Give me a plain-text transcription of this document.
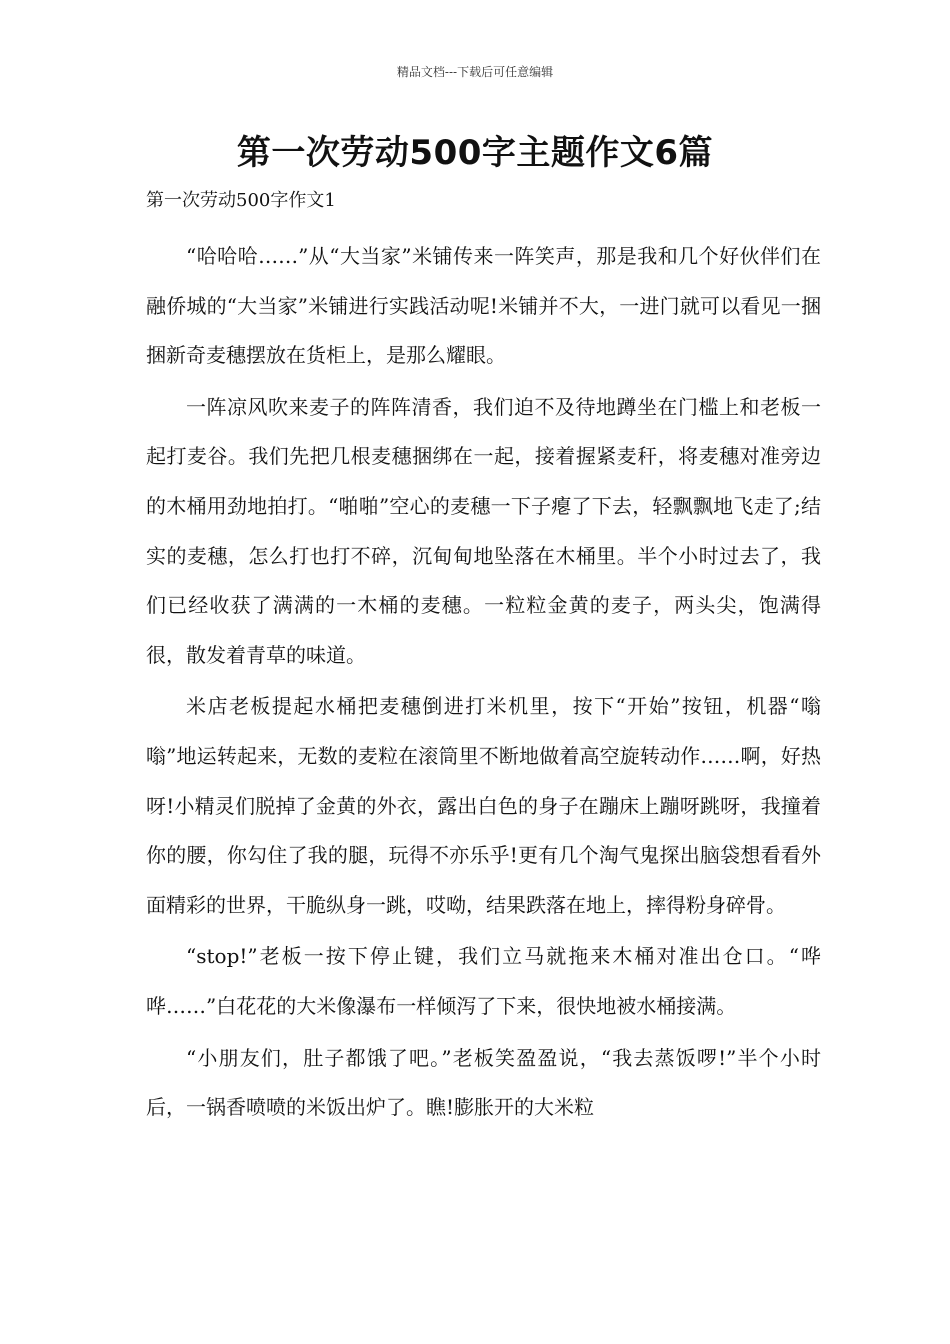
精品文档---下载后可任意编辑
第一次劳动500字主题作文6篇
第一次劳动500字作文1

“哈哈哈……”从“大当家”米铺传来一阵笑声，那是我和几个好伙伴们在融侨城的“大当家”米铺进行实践活动呢!米铺并不大，一进门就可以看见一捆捆新奇麦穗摆放在货柜上，是那么耀眼。

一阵凉风吹来麦子的阵阵清香，我们迫不及待地蹲坐在门槛上和老板一起打麦谷。我们先把几根麦穗捆绑在一起，接着握紧麦秆，将麦穗对准旁边的木桶用劲地拍打。“啪啪”空心的麦穗一下子瘪了下去，轻飘飘地飞走了;结实的麦穗，怎么打也打不碎，沉甸甸地坠落在木桶里。半个小时过去了，我们已经收获了满满的一木桶的麦穗。一粒粒金黄的麦子，两头尖，饱满得很，散发着青草的味道。

米店老板提起水桶把麦穗倒进打米机里，按下“开始”按钮，机器“嗡嗡”地运转起来，无数的麦粒在滚筒里不断地做着高空旋转动作……啊，好热呀!小精灵们脱掉了金黄的外衣，露出白色的身子在蹦床上蹦呀跳呀，我撞着你的腰，你勾住了我的腿，玩得不亦乐乎!更有几个淘气鬼探出脑袋想看看外面精彩的世界，干脆纵身一跳，哎呦，结果跌落在地上，摔得粉身碎骨。

“stop!”老板一按下停止键，我们立马就拖来木桶对准出仓口。“哗哗……”白花花的大米像瀑布一样倾泻了下来，很快地被水桶接满。

“小朋友们，肚子都饿了吧。”老板笑盈盈说，“我去蒸饭啰!”半个小时后，一锅香喷喷的米饭出炉了。瞧!膨胀开的大米粒
